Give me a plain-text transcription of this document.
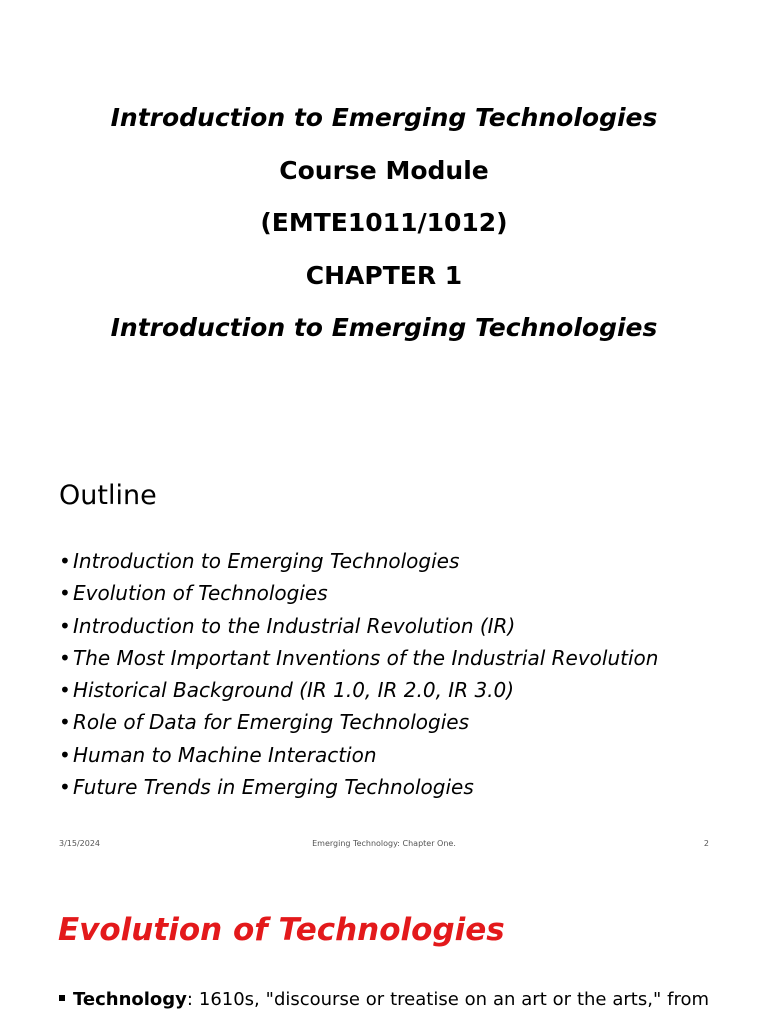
Introduction to Emerging Technologies
Course Module
(EMTE1011/1012)
CHAPTER 1
Introduction to Emerging Technologies
Outline
• Introduction to Emerging Technologies
• Evolution of Technologies
• Introduction to the Industrial Revolution (IR)
• The Most Important Inventions of the Industrial Revolution
• Historical Background (IR 1.0, IR 2.0, IR 3.0)
• Role of Data for Emerging Technologies
• Human to Machine Interaction
• Future Trends in Emerging Technologies
3/15/2024	Emerging Technology: Chapter One.	2
Evolution of Technologies
Technology: 1610s, "discourse or treatise on an art or the arts," from
